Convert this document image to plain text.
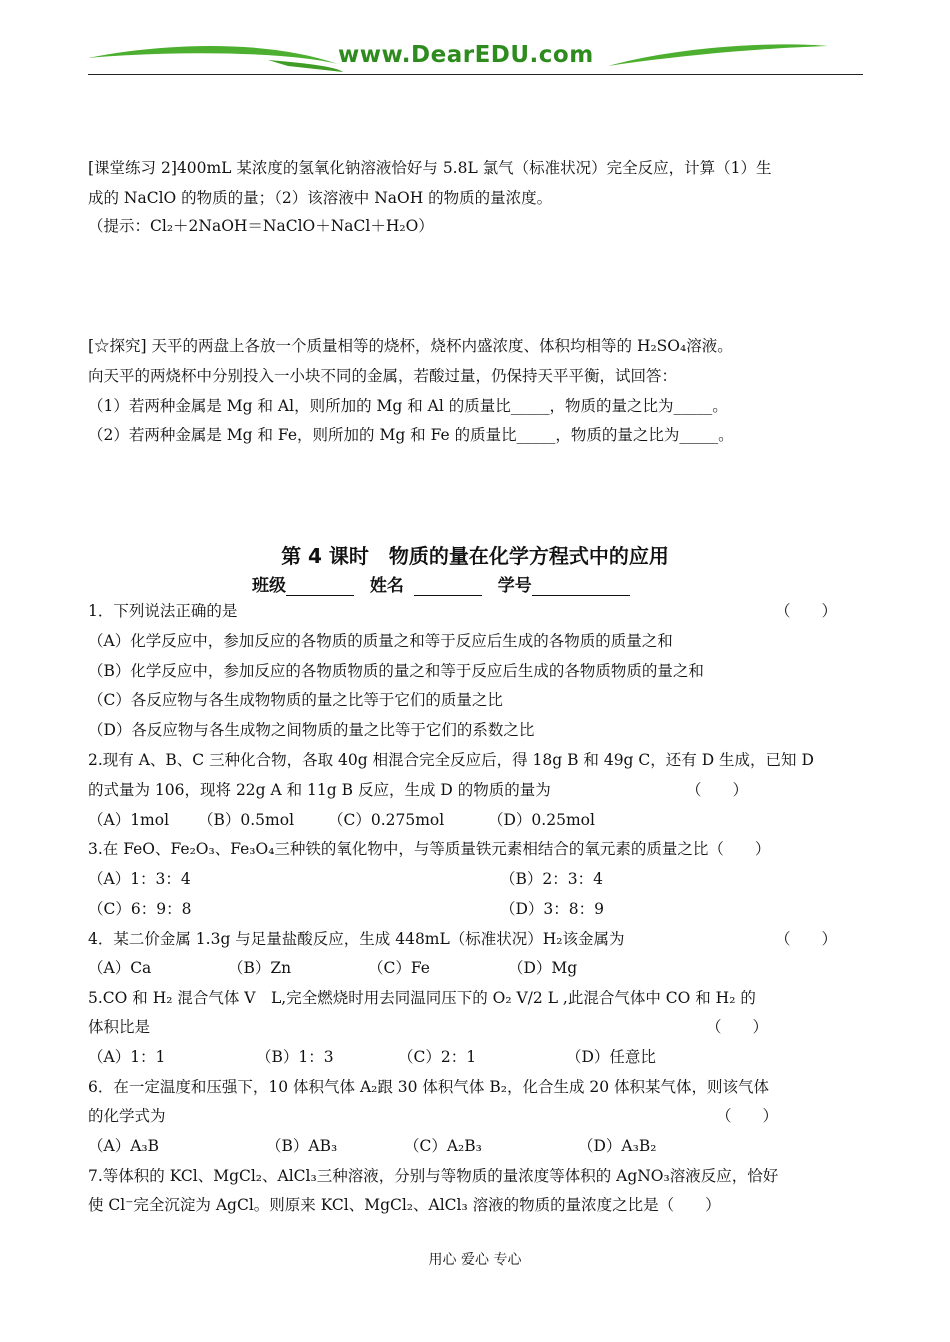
www.DearEDU.com
[课堂练习 2]400mL 某浓度的氢氧化钠溶液恰好与 5.8L 氯气（标准状况）完全反应，计算（1）生
成的 NaClO 的物质的量；（2）该溶液中 NaOH 的物质的量浓度。
（提示：Cl₂＋2NaOH＝NaClO＋NaCl＋H₂O）
[☆探究] 天平的两盘上各放一个质量相等的烧杯，烧杯内盛浓度、体积均相等的 H₂SO₄溶液。
向天平的两烧杯中分别投入一小块不同的金属，若酸过量，仍保持天平平衡，试回答：
（1）若两种金属是 Mg 和 Al，则所加的 Mg 和 Al 的质量比_____，物质的量之比为_____。
（2）若两种金属是 Mg 和 Fe，则所加的 Mg 和 Fe 的质量比_____，物质的量之比为_____。
第 4 课时　物质的量在化学方程式中的应用
班级	姓名	学号
1．下列说法正确的是	（　　）
（A）化学反应中，参加反应的各物质的质量之和等于反应后生成的各物质的质量之和
（B）化学反应中，参加反应的各物质物质的量之和等于反应后生成的各物质物质的量之和
（C）各反应物与各生成物物质的量之比等于它们的质量之比
（D）各反应物与各生成物之间物质的量之比等于它们的系数之比
2.现有 A、B、C 三种化合物，各取 40g 相混合完全反应后，得 18g B 和 49g C，还有 D 生成，已知 D
的式量为 106，现将 22g A 和 11g B 反应，生成 D 的物质的量为	（　　）
（A）1mol （B）0.5mol （C）0.275mol	（D）0.25mol
3.在 FeO、Fe₂O₃、Fe₃O₄三种铁的氧化物中，与等质量铁元素相结合的氧元素的质量之比（　　）
（A）1：3：4	（B）2：3：4
（C）6：9：8	（D）3：8：9
4．某二价金属 1.3g 与足量盐酸反应，生成 448mL（标准状况）H₂该金属为	（　　）
（A）Ca	（B）Zn	（C）Fe	（D）Mg
5.CO 和 H₂ 混合气体 V　L,完全燃烧时用去同温同压下的 O₂ V/2 L ,此混合气体中 CO 和 H₂ 的
体积比是	（　　）
（A）1：1	（B）1：3	（C）2：1	（D）任意比
6．在一定温度和压强下，10 体积气体 A₂跟 30 体积气体 B₂，化合生成 20 体积某气体，则该气体
的化学式为	（　　）
（A）A₃B	（B）AB₃	（C）A₂B₃	（D）A₃B₂
7.等体积的 KCl、MgCl₂、AlCl₃三种溶液，分别与等物质的量浓度等体积的 AgNO₃溶液反应，恰好
使 Cl⁻完全沉淀为 AgCl。则原来 KCl、MgCl₂、AlCl₃ 溶液的物质的量浓度之比是（　　）
用心 爱心 专心
